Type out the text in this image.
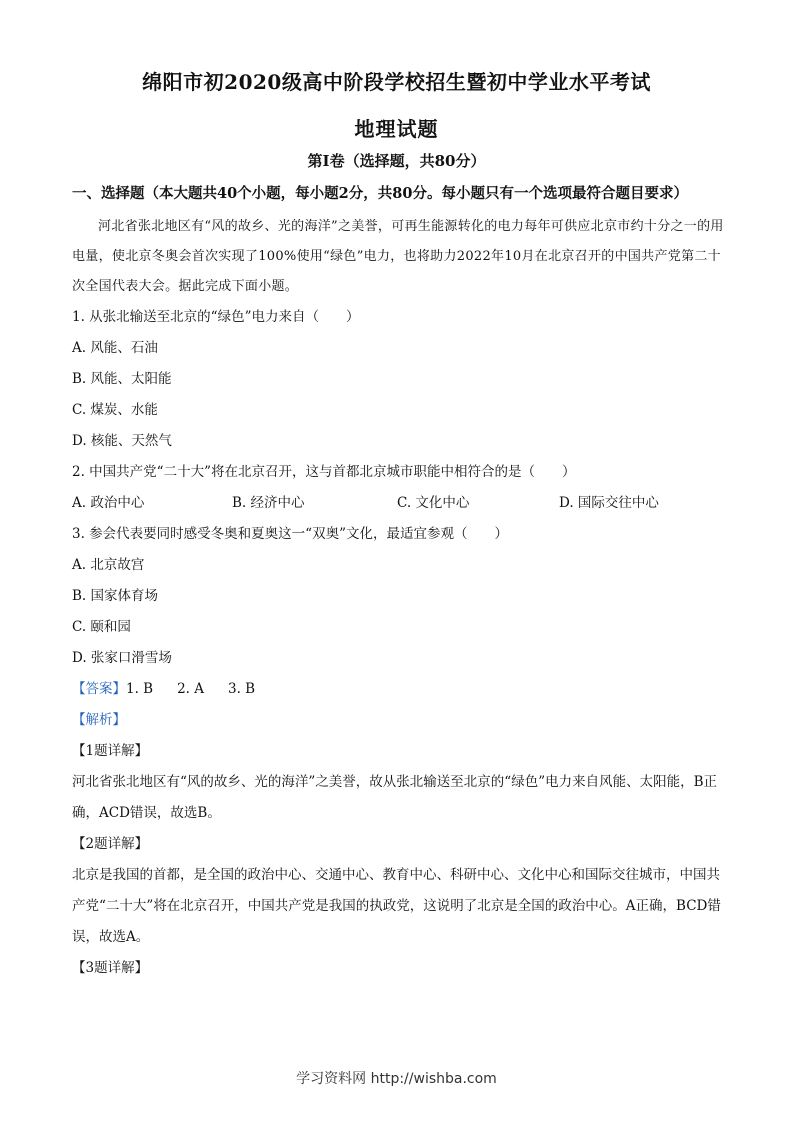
绵阳市初2020级高中阶段学校招生暨初中学业水平考试
地理试题
第Ⅰ卷（选择题，共80分）
一、选择题（本大题共40个小题，每小题2分，共80分。每小题只有一个选项最符合题目要求）
河北省张北地区有“风的故乡、光的海洋”之美誉，可再生能源转化的电力每年可供应北京市约十分之一的用电量，使北京冬奥会首次实现了100%使用“绿色”电力，也将助力2022年10月在北京召开的中国共产党第二十次全国代表大会。据此完成下面小题。
1. 从张北输送至北京的“绿色”电力来自（　　）
A. 风能、石油
B. 风能、太阳能
C. 煤炭、水能
D. 核能、天然气
2. 中国共产党“二十大”将在北京召开，这与首都北京城市职能中相符合的是（　　）
A. 政治中心	B. 经济中心	C. 文化中心	D. 国际交往中心
3. 参会代表要同时感受冬奥和夏奥这一“双奥”文化，最适宜参观（　　）
A. 北京故宫
B. 国家体育场
C. 颐和园
D. 张家口滑雪场
【答案】1. B 2. A 3. B
【解析】
【1题详解】
河北省张北地区有“风的故乡、光的海洋”之美誉，故从张北输送至北京的“绿色”电力来自风能、太阳能，B正确，ACD错误，故选B。
【2题详解】
北京是我国的首都，是全国的政治中心、交通中心、教育中心、科研中心、文化中心和国际交往城市，中国共产党“二十大”将在北京召开，中国共产党是我国的执政党，这说明了北京是全国的政治中心。A正确，BCD错误，故选A。
【3题详解】
学习资料网 http://wishba.com
